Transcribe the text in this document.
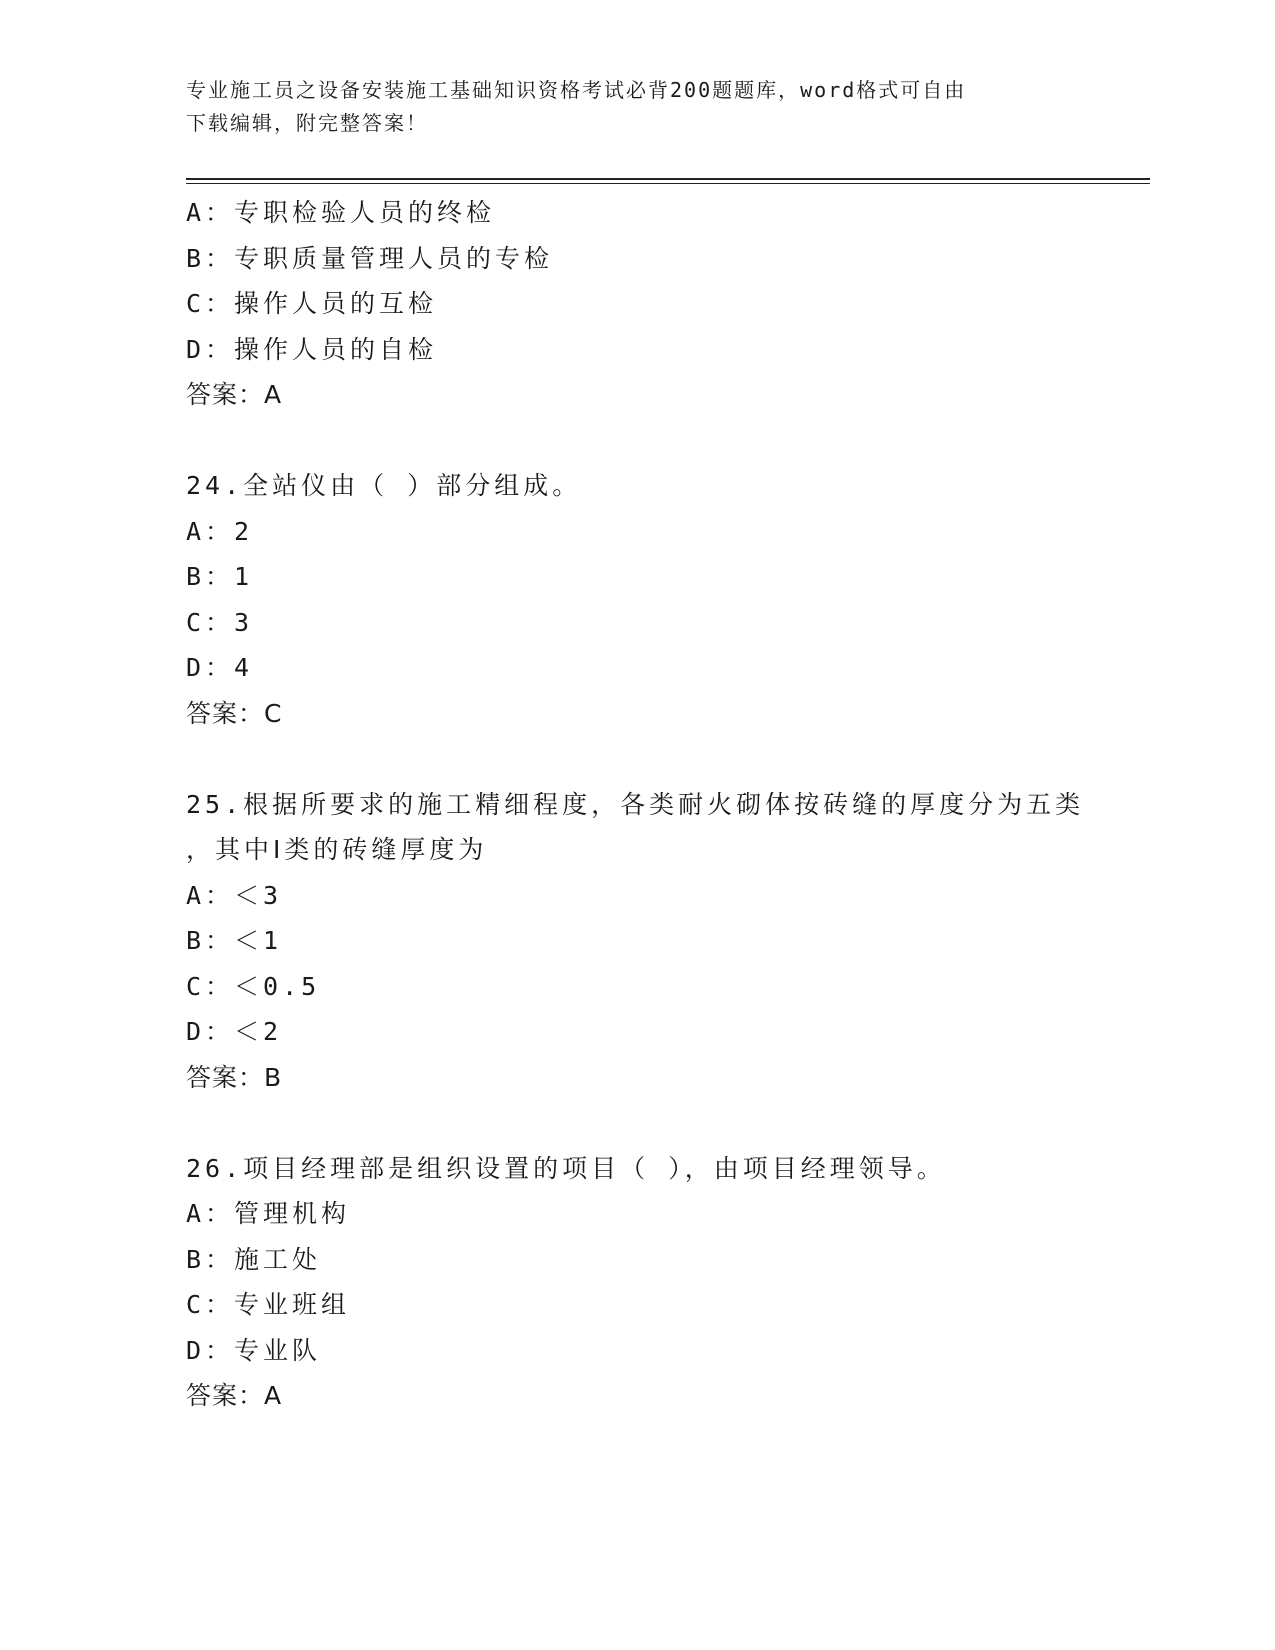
专业施工员之设备安装施工基础知识资格考试必背200题题库，word格式可自由
下载编辑，附完整答案！
A：专职检验人员的终检
B：专职质量管理人员的专检
C：操作人员的互检
D：操作人员的自检
答案：A
24.全站仪由（ ）部分组成。
A：2
B：1
C：3
D：4
答案：C
25.根据所要求的施工精细程度，各类耐火砌体按砖缝的厚度分为五类
，其中Ⅰ类的砖缝厚度为
A：＜3
B：＜1
C：＜0.5
D：＜2
答案：B
26.项目经理部是组织设置的项目（ ），由项目经理领导。
A：管理机构
B：施工处
C：专业班组
D：专业队
答案：A
